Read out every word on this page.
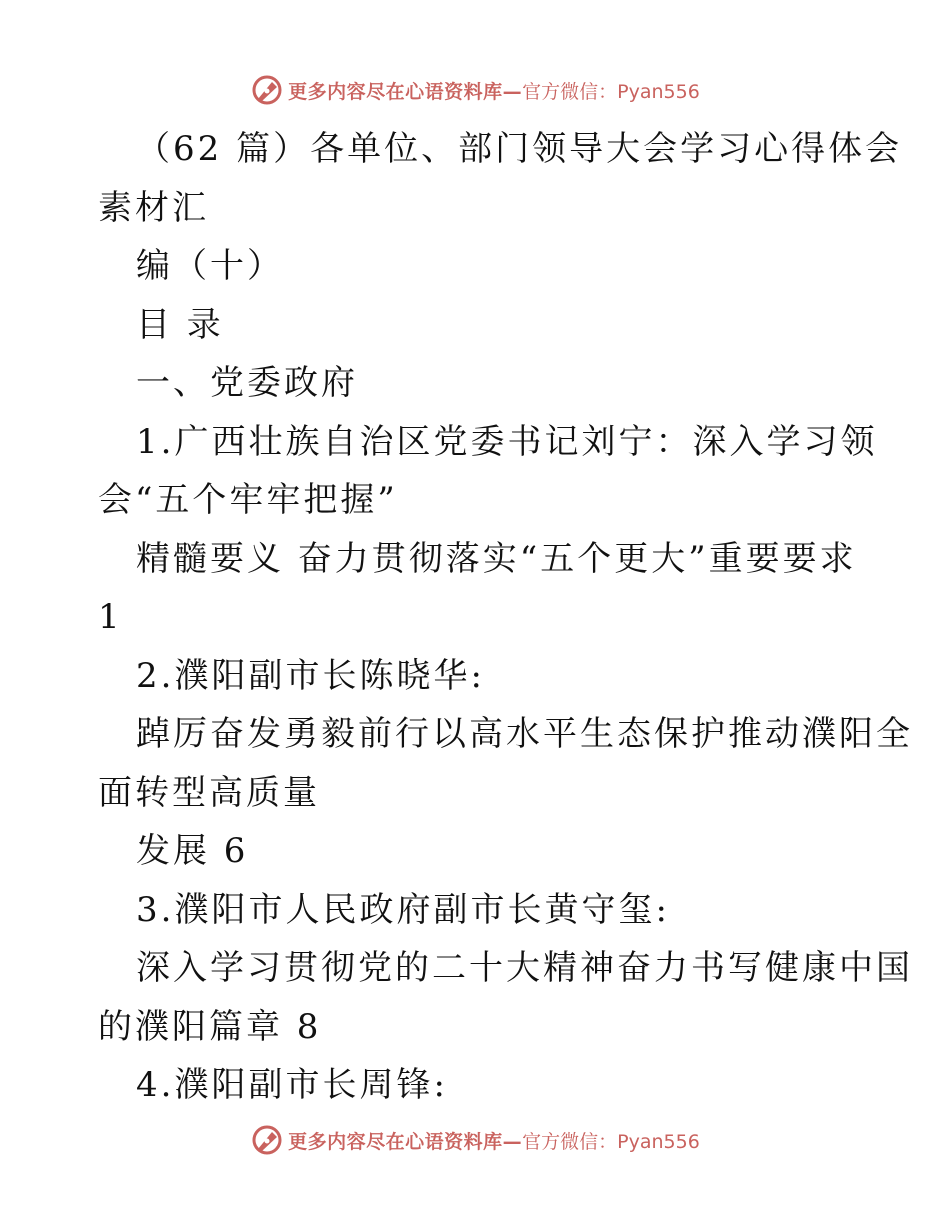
更多内容尽在心语资料库— 官方微信：Pyan556
（62 篇）各单位、部门领导大会学习心得体会
素材汇
编（十）
目 录
一、党委政府
1.广西壮族自治区党委书记刘宁：深入学习领
会“五个牢牢把握”
精髓要义 奋力贯彻落实“五个更大”重要要求
1
2.濮阳副市长陈晓华:
踔厉奋发勇毅前行以高水平生态保护推动濮阳全
面转型高质量
发展 6
3.濮阳市人民政府副市长黄守玺:
深入学习贯彻党的二十大精神奋力书写健康中国
的濮阳篇章 8
4.濮阳副市长周锋:
更多内容尽在心语资料库— 官方微信：Pyan556
